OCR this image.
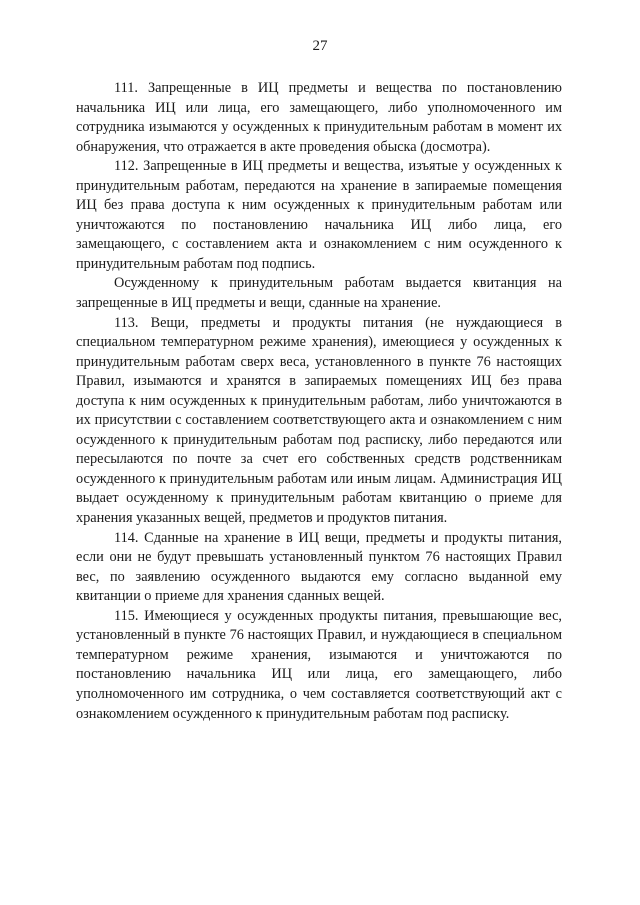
27

111. Запрещенные в ИЦ предметы и вещества по постановлению начальника ИЦ или лица, его замещающего, либо уполномоченного им сотрудника изымаются у осужденных к принудительным работам в момент их обнаружения, что отражается в акте проведения обыска (досмотра).

112. Запрещенные в ИЦ предметы и вещества, изъятые у осужденных к принудительным работам, передаются на хранение в запираемые помещения ИЦ без права доступа к ним осужденных к принудительным работам или уничтожаются по постановлению начальника ИЦ либо лица, его замещающего, с составлением акта и ознакомлением с ним осужденного к принудительным работам под подпись.

Осужденному к принудительным работам выдается квитанция на запрещенные в ИЦ предметы и вещи, сданные на хранение.

113. Вещи, предметы и продукты питания (не нуждающиеся в специальном температурном режиме хранения), имеющиеся у осужденных к принудительным работам сверх веса, установленного в пункте 76 настоящих Правил, изымаются и хранятся в запираемых помещениях ИЦ без права доступа к ним осужденных к принудительным работам, либо уничтожаются в их присутствии с составлением соответствующего акта и ознакомлением с ним осужденного к принудительным работам под расписку, либо передаются или пересылаются по почте за счет его собственных средств родственникам осужденного к принудительным работам или иным лицам. Администрация ИЦ выдает осужденному к принудительным работам квитанцию о приеме для хранения указанных вещей, предметов и продуктов питания.

114. Сданные на хранение в ИЦ вещи, предметы и продукты питания, если они не будут превышать установленный пунктом 76 настоящих Правил вес, по заявлению осужденного выдаются ему согласно выданной ему квитанции о приеме для хранения сданных вещей.

115. Имеющиеся у осужденных продукты питания, превышающие вес, установленный в пункте 76 настоящих Правил, и нуждающиеся в специальном температурном режиме хранения, изымаются и уничтожаются по постановлению начальника ИЦ или лица, его замещающего, либо уполномоченного им сотрудника, о чем составляется соответствующий акт с ознакомлением осужденного к принудительным работам под расписку.
